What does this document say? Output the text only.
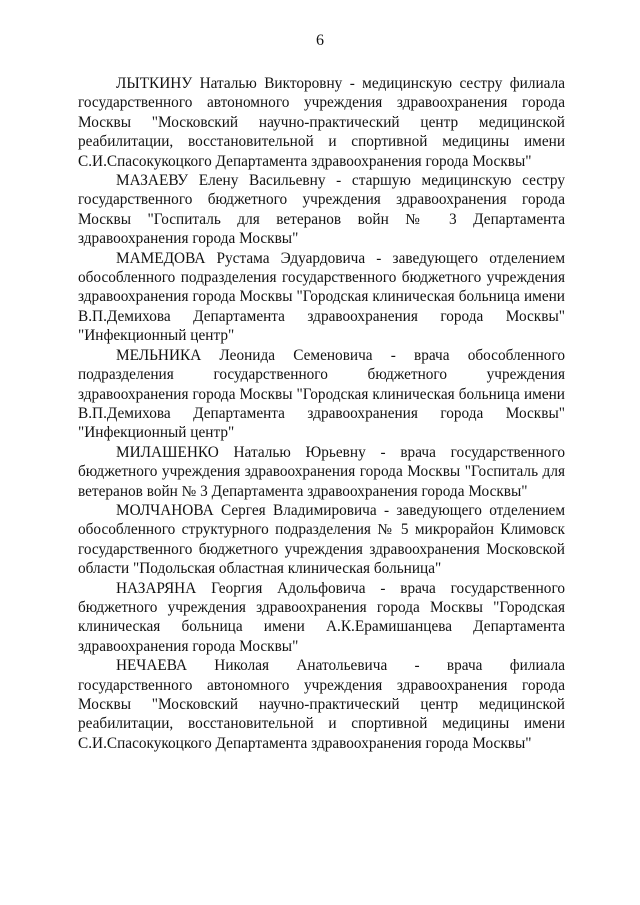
6

ЛЫТКИНУ Наталью Викторовну - медицинскую сестру филиала государственного автономного учреждения здравоохранения города Москвы "Московский научно-практический центр медицинской реабилитации, восстановительной и спортивной медицины имени С.И.Спасокукоцкого Департамента здравоохранения города Москвы"

МАЗАЕВУ Елену Васильевну - старшую медицинскую сестру государственного бюджетного учреждения здравоохранения города Москвы "Госпиталь для ветеранов войн № 3 Департамента здравоохранения города Москвы"

МАМЕДОВА Рустама Эдуардовича - заведующего отделением обособленного подразделения государственного бюджетного учреждения здравоохранения города Москвы "Городская клиническая больница имени В.П.Демихова Департамента здравоохранения города Москвы" "Инфекционный центр"

МЕЛЬНИКА Леонида Семеновича - врача обособленного подразделения государственного бюджетного учреждения здравоохранения города Москвы "Городская клиническая больница имени В.П.Демихова Департамента здравоохранения города Москвы" "Инфекционный центр"

МИЛАШЕНКО Наталью Юрьевну - врача государственного бюджетного учреждения здравоохранения города Москвы "Госпиталь для ветеранов войн № 3 Департамента здравоохранения города Москвы"

МОЛЧАНОВА Сергея Владимировича - заведующего отделением обособленного структурного подразделения № 5 микрорайон Климовск государственного бюджетного учреждения здравоохранения Московской области "Подольская областная клиническая больница"

НАЗАРЯНА Георгия Адольфовича - врача государственного бюджетного учреждения здравоохранения города Москвы "Городская клиническая больница имени А.К.Ерамишанцева Департамента здравоохранения города Москвы"

НЕЧАЕВА Николая Анатольевича - врача филиала государственного автономного учреждения здравоохранения города Москвы "Московский научно-практический центр медицинской реабилитации, восстановительной и спортивной медицины имени С.И.Спасокукоцкого Департамента здравоохранения города Москвы"
